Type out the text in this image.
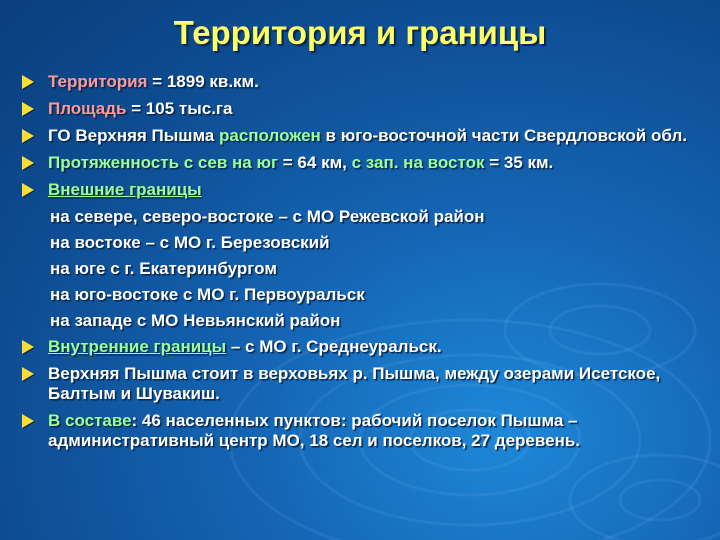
Территория и границы
Территория = 1899 кв.км.
Площадь = 105 тыс.га
ГО Верхняя Пышма расположен в юго-восточной части Свердловской обл.
Протяженность с сев на юг = 64 км, с зап. на восток = 35 км.
Внешние границы
на севере, северо-востоке – с МО Режевской район
на востоке – с МО г. Березовский
на юге с г. Екатеринбургом
на юго-востоке с МО г. Первоуральск
на западе с МО Невьянский район
Внутренние границы – с МО г. Среднеуральск.
Верхняя Пышма стоит в верховьях р. Пышма, между озерами Исетское, Балтым и Шувакиш.
В составе: 46 населенных пунктов: рабочий поселок Пышма – административный центр МО, 18 сел и поселков, 27 деревень.
